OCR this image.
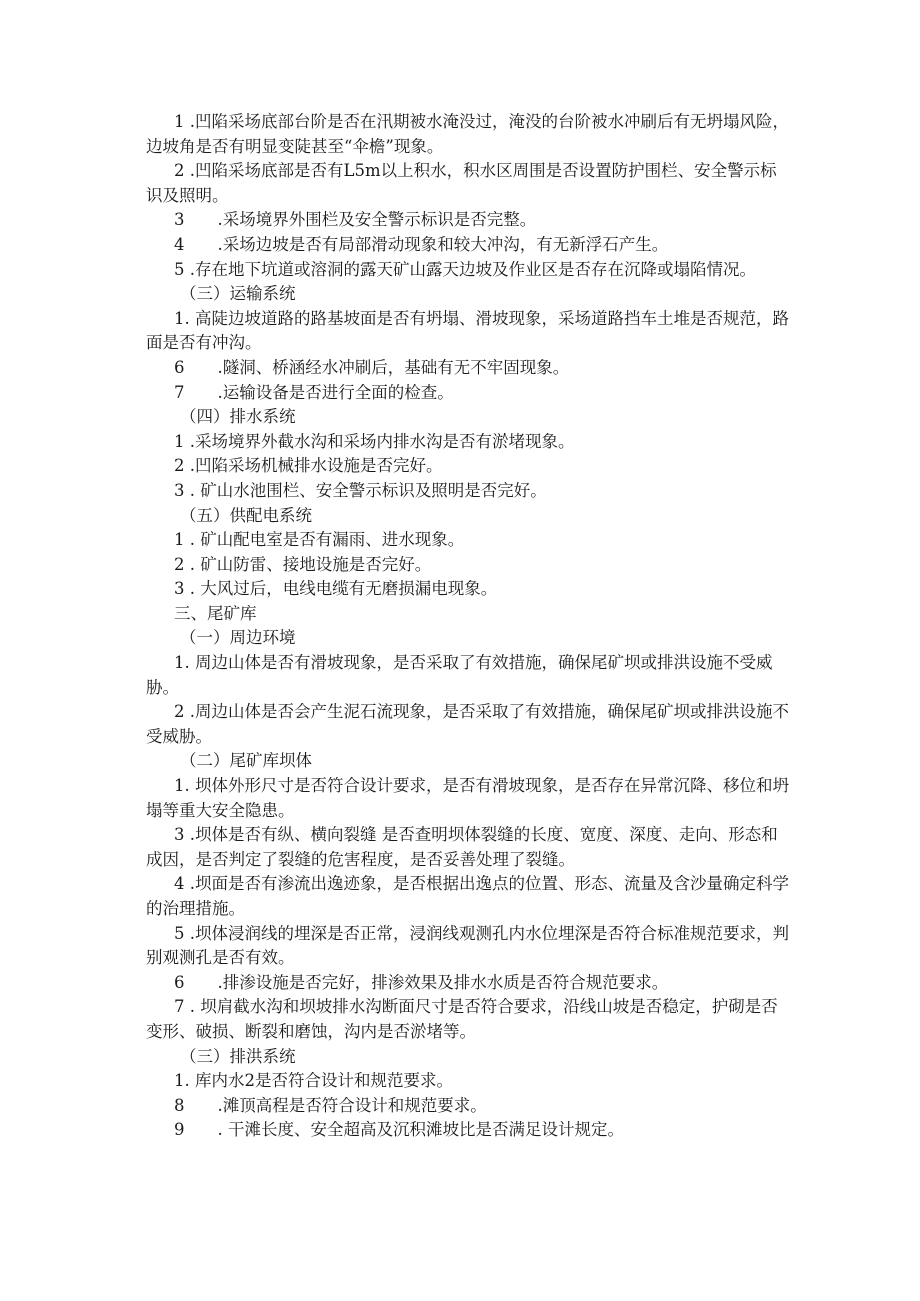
1 .凹陷采场底部台阶是否在汛期被水淹没过，淹没的台阶被水冲刷后有无坍塌风险，边坡角是否有明显变陡甚至“伞檐”现象。

2 .凹陷采场底部是否有L5m以上积水，积水区周围是否设置防护围栏、安全警示标识及照明。

3  .采场境界外围栏及安全警示标识是否完整。

4  .采场边坡是否有局部滑动现象和较大冲沟，有无新浮石产生。

5 .存在地下坑道或溶洞的露天矿山露天边坡及作业区是否存在沉降或塌陷情况。

（三）运输系统

1. 高陡边坡道路的路基坡面是否有坍塌、滑坡现象，采场道路挡车土堆是否规范，路面是否有冲沟。

6  .隧洞、桥涵经水冲刷后，基础有无不牢固现象。

7  .运输设备是否进行全面的检查。

（四）排水系统

1 .采场境界外截水沟和采场内排水沟是否有淤堵现象。

2 .凹陷采场机械排水设施是否完好。

3 . 矿山水池围栏、安全警示标识及照明是否完好。

（五）供配电系统

1 . 矿山配电室是否有漏雨、进水现象。

2 . 矿山防雷、接地设施是否完好。

3 . 大风过后，电线电缆有无磨损漏电现象。

三、尾矿库

（一）周边环境

1. 周边山体是否有滑坡现象，是否采取了有效措施，确保尾矿坝或排洪设施不受威胁。

2 .周边山体是否会产生泥石流现象，是否采取了有效措施，确保尾矿坝或排洪设施不受威胁。

（二）尾矿库坝体

1. 坝体外形尺寸是否符合设计要求，是否有滑坡现象，是否存在异常沉降、移位和坍塌等重大安全隐患。

3 .坝体是否有纵、横向裂缝 是否查明坝体裂缝的长度、宽度、深度、走向、形态和成因，是否判定了裂缝的危害程度，是否妥善处理了裂缝。

4 .坝面是否有渗流出逸迹象，是否根据出逸点的位置、形态、流量及含沙量确定科学的治理措施。

5 .坝体浸润线的埋深是否正常，浸润线观测孔内水位埋深是否符合标准规范要求，判别观测孔是否有效。

6  .排渗设施是否完好，排渗效果及排水水质是否符合规范要求。

7 . 坝肩截水沟和坝坡排水沟断面尺寸是否符合要求，沿线山坡是否稳定，护砌是否变形、破损、断裂和磨蚀，沟内是否淤堵等。

（三）排洪系统

1. 库内水2是否符合设计和规范要求。

8  .滩顶高程是否符合设计和规范要求。

9  . 干滩长度、安全超高及沉积滩坡比是否满足设计规定。
